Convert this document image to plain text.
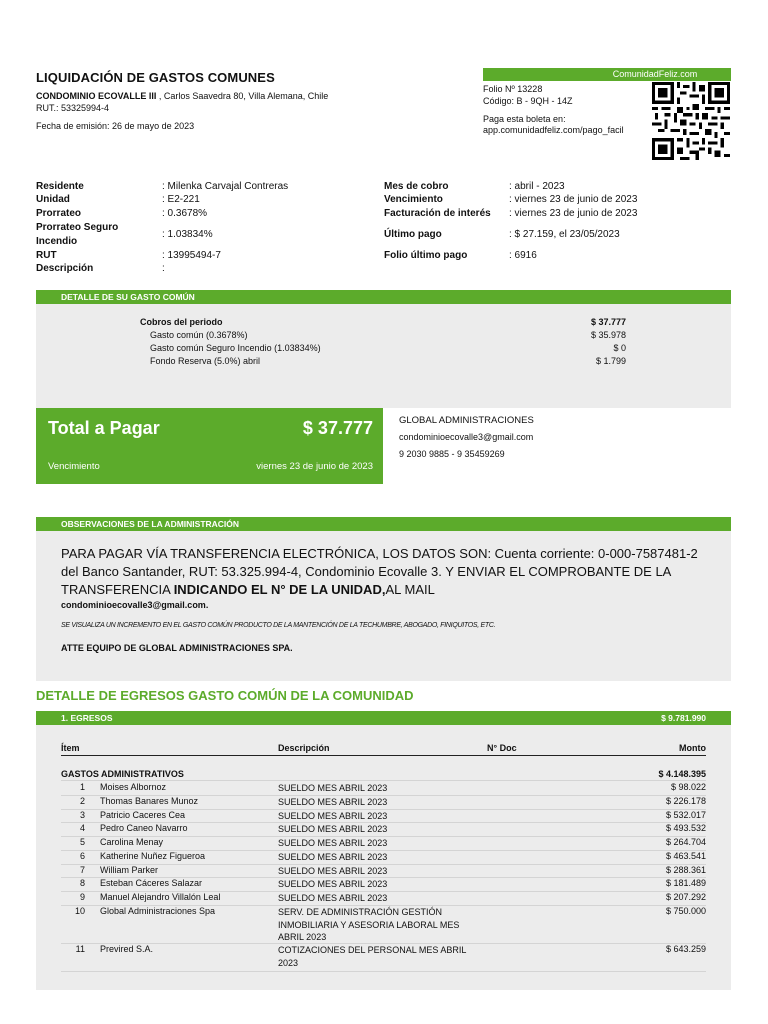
LIQUIDACIÓN DE GASTOS COMUNES
CONDOMINIO ECOVALLE III , Carlos Saavedra 80, Villa Alemana, Chile
RUT.: 53325994-4
Fecha de emisión: 26 de mayo de 2023
ComunidadFeliz.com
Folio Nº 13228
Código: B - 9QH - 14Z
Paga esta boleta en:
app.comunidadfeliz.com/pago_facil
Residente	: Milenka Carvajal Contreras
Unidad	: E2-221
Prorrateo	: 0.3678%
Prorrateo Seguro
Incendio
: 1.03834%
RUT	: 13995494-7
Descripción	:
Mes de cobro	: abril - 2023
Vencimiento	: viernes 23 de junio de 2023
Facturación de interés : viernes 23 de junio de 2023
Último pago	: $ 27.159, el 23/05/2023
Folio último pago	: 6916
DETALLE DE SU GASTO COMÚN
Cobros del periodo	$ 37.777
Gasto común (0.3678%)	$ 35.978
Gasto común Seguro Incendio (1.03834%)	$ 0
Fondo Reserva (5.0%) abril	$ 1.799
Total a Pagar	$ 37.777
Vencimiento	viernes 23 de junio de 2023
GLOBAL ADMINISTRACIONES
condominioecovalle3@gmail.com
9 2030 9885 - 9 35459269
OBSERVACIONES DE LA ADMINISTRACIÓN
PARA PAGAR VÍA TRANSFERENCIA ELECTRÓNICA, LOS DATOS SON: Cuenta corriente: 0-000-7587481-2 del Banco Santander, RUT: 53.325.994-4, Condominio Ecovalle 3. Y ENVIAR EL COMPROBANTE DE LA TRANSFERENCIA INDICANDO EL N° DE LA UNIDAD,AL MAIL
condominioecovalle3@gmail.com.
SE VISUALIZA UN INCREMENTO EN EL GASTO COMÚN PRODUCTO DE LA MANTENCIÓN DE LA TECHUMBRE, ABOGADO, FINIQUITOS, ETC.
ATTE EQUIPO DE GLOBAL ADMINISTRACIONES SPA.
DETALLE DE EGRESOS GASTO COMÚN DE LA COMUNIDAD
1. EGRESOS	$ 9.781.990
Ítem	Descripción	N° Doc	Monto
GASTOS ADMINISTRATIVOS	$ 4.148.395
1 Moises Albornoz	SUELDO MES ABRIL 2023	$ 98.022
2 Thomas Banares Munoz	SUELDO MES ABRIL 2023	$ 226.178
3 Patricio Caceres Cea	SUELDO MES ABRIL 2023	$ 532.017
4 Pedro Caneo Navarro	SUELDO MES ABRIL 2023	$ 493.532
5 Carolina Menay	SUELDO MES ABRIL 2023	$ 264.704
6 Katherine Nuñez Figueroa	SUELDO MES ABRIL 2023	$ 463.541
7 William Parker	SUELDO MES ABRIL 2023	$ 288.361
8 Esteban Cáceres Salazar	SUELDO MES ABRIL 2023	$ 181.489
9 Manuel Alejandro Villalón Leal	SUELDO MES ABRIL 2023	$ 207.292
10 Global Administraciones Spa	SERV. DE ADMINISTRACIÓN GESTIÓN INMOBILIARIA Y ASESORIA LABORAL MES ABRIL 2023
$ 750.000
11 Previred S.A.	COTIZACIONES DEL PERSONAL MES ABRIL 2023
$ 643.259
